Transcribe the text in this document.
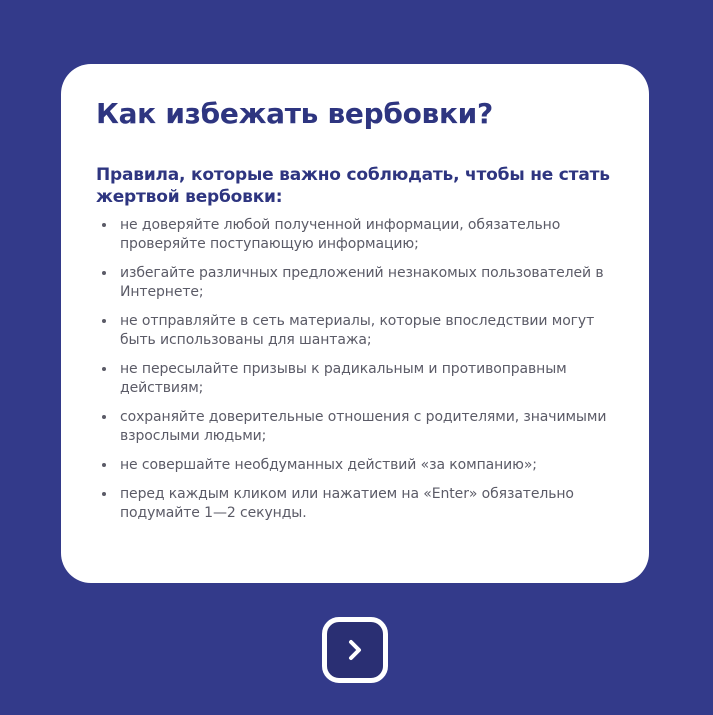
Как избежать вербовки?
Правила, которые важно соблюдать, чтобы не стать жертвой вербовки:
не доверяйте любой полученной информации, обязательно проверяйте поступающую информацию;
избегайте различных предложений незнакомых пользователей в Интернете;
не отправляйте в сеть материалы, которые впоследствии могут быть использованы для шантажа;
не пересылайте призывы к радикальным и противоправным действиям;
сохраняйте доверительные отношения с родителями, значимыми взрослыми людьми;
не совершайте необдуманных действий «за компанию»;
перед каждым кликом или нажатием на «Enter» обязательно подумайте 1—2 секунды.
